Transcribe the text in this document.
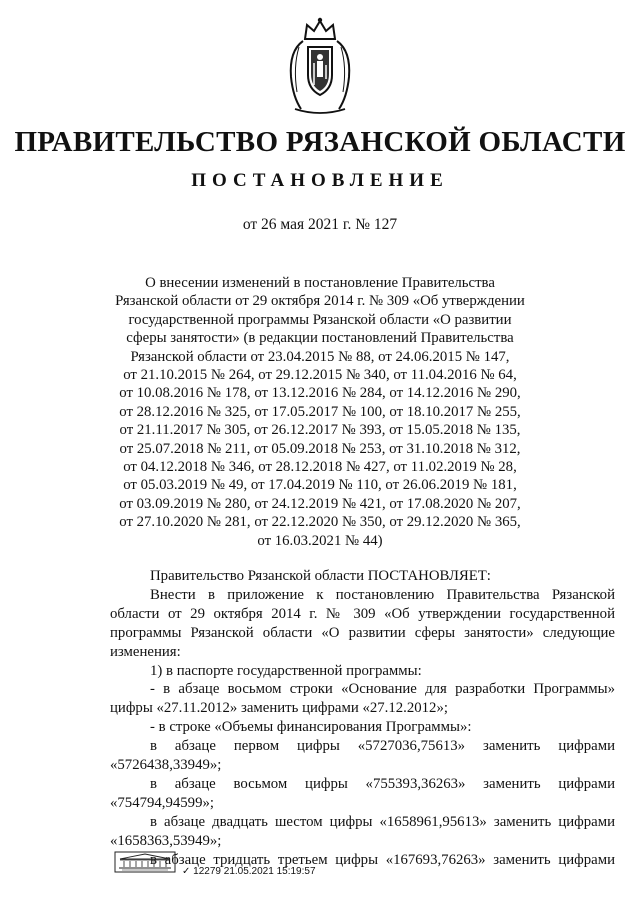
ПРАВИТЕЛЬСТВО РЯЗАНСКОЙ ОБЛАСТИ
ПОСТАНОВЛЕНИЕ
от 26 мая 2021 г. № 127
О внесении изменений в постановление Правительства
Рязанской области от 29 октября 2014 г. № 309 «Об утверждении
государственной программы Рязанской области «О развитии
сферы занятости» (в редакции постановлений Правительства
Рязанской области от 23.04.2015 № 88, от 24.06.2015 № 147,
от 21.10.2015 № 264, от 29.12.2015 № 340, от 11.04.2016 № 64,
от 10.08.2016 № 178, от 13.12.2016 № 284, от 14.12.2016 № 290,
от 28.12.2016 № 325, от 17.05.2017 № 100, от 18.10.2017 № 255,
от 21.11.2017 № 305, от 26.12.2017 № 393, от 15.05.2018 № 135,
от 25.07.2018 № 211, от 05.09.2018 № 253, от 31.10.2018 № 312,
от 04.12.2018 № 346, от 28.12.2018 № 427, от 11.02.2019 № 28,
от 05.03.2019 № 49, от 17.04.2019 № 110, от 26.06.2019 № 181,
от 03.09.2019 № 280, от 24.12.2019 № 421, от 17.08.2020 № 207,
от 27.10.2020 № 281, от 22.12.2020 № 350, от 29.12.2020 № 365,
от 16.03.2021 № 44)
Правительство Рязанской области ПОСТАНОВЛЯЕТ:
Внести в приложение к постановлению Правительства Рязанской области от 29 октября 2014 г. № 309 «Об утверждении государственной программы Рязанской области «О развитии сферы занятости» следующие изменения:
1) в паспорте государственной программы:
- в абзаце восьмом строки «Основание для разработки Программы» цифры «27.11.2012» заменить цифрами «27.12.2012»;
- в строке «Объемы финансирования Программы»:
в абзаце первом цифры «5727036,75613» заменить цифрами
«5726438,33949»;
в абзаце восьмом цифры «755393,36263» заменить цифрами
«754794,94599»;
в абзаце двадцать шестом цифры «1658961,95613» заменить цифрами
«1658363,53949»;
в абзаце тридцать третьем цифры «167693,76263» заменить цифрами
✓ 12279 21.05.2021 15:19:57
